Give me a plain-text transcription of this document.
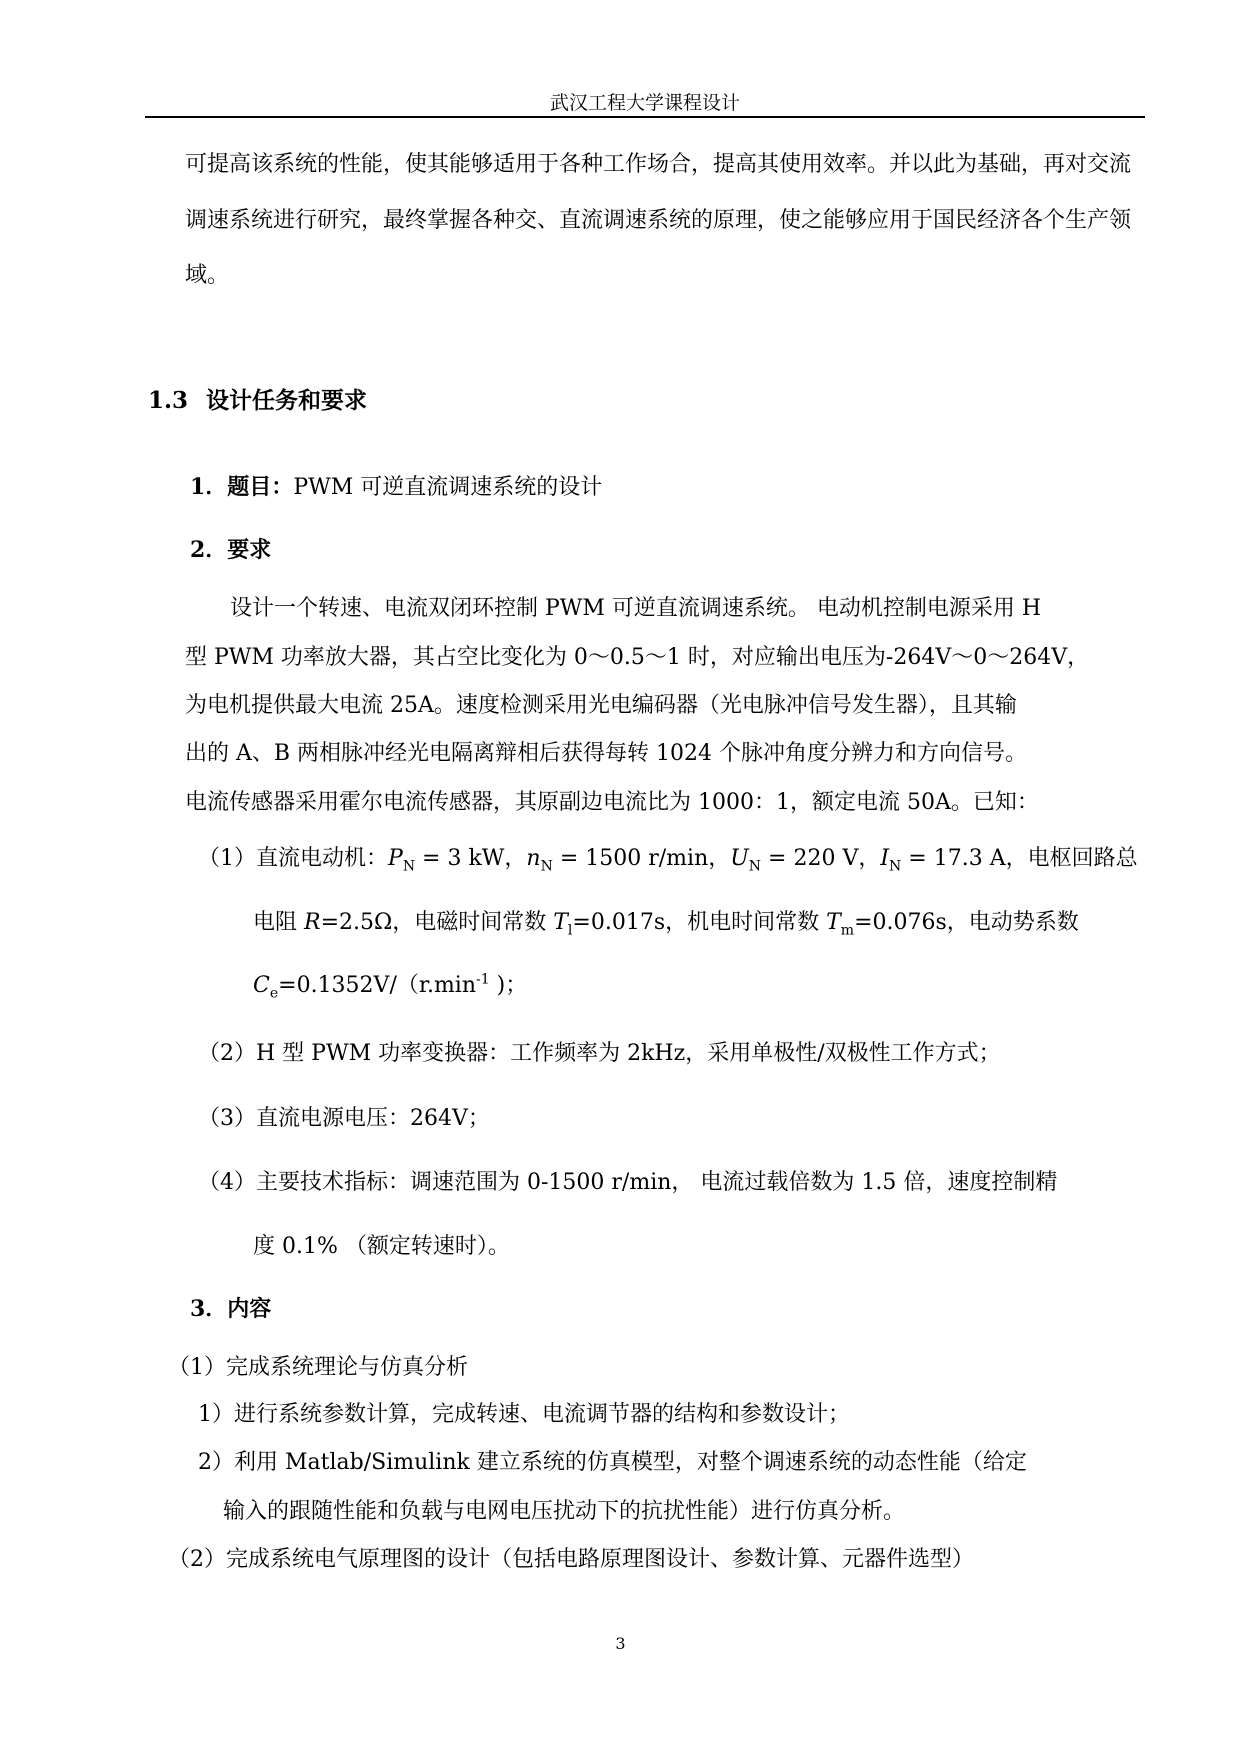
武汉工程大学课程设计
可提高该系统的性能，使其能够适用于各种工作场合，提高其使用效率。并以此为基础，再对交流
调速系统进行研究，最终掌握各种交、直流调速系统的原理，使之能够应用于国民经济各个生产领
域。
1.3 设计任务和要求
1．题目：PWM 可逆直流调速系统的设计
2．要求
设计一个转速、电流双闭环控制 PWM 可逆直流调速系统。 电动机控制电源采用 H
型 PWM 功率放大器，其占空比变化为 0～0.5～1 时，对应输出电压为-264V～0～264V，
为电机提供最大电流 25A。速度检测采用光电编码器（光电脉冲信号发生器），且其输
出的 A、B 两相脉冲经光电隔离辩相后获得每转 1024 个脉冲角度分辨力和方向信号。
电流传感器采用霍尔电流传感器，其原副边电流比为 1000：1，额定电流 50A。已知：
（1）直流电动机：$P_N = 3$ kW，$n_N = 1500$ r/min，$U_N = 220$ V，$I_N = 17.3$ A，电枢回路总
电阻 R=2.5Ω，电磁时间常数 $T_l=0.017s$，机电时间常数 $T_m=0.076s$，电动势系数
$C_e=0.1352V/(r.\min^{-1}$ )；
（2）H 型 PWM 功率变换器：工作频率为 2kHz，采用单极性/双极性工作方式；
（3）直流电源电压：264V；
（4）主要技术指标：调速范围为 0-1500 r/min， 电流过载倍数为 1.5 倍，速度控制精
度 0.1% （额定转速时）。
3．内容
（1）完成系统理论与仿真分析
1）进行系统参数计算，完成转速、电流调节器的结构和参数设计；
2）利用 Matlab/Simulink 建立系统的仿真模型，对整个调速系统的动态性能（给定
输入的跟随性能和负载与电网电压扰动下的抗扰性能）进行仿真分析。
（2）完成系统电气原理图的设计（包括电路原理图设计、参数计算、元器件选型）
3
